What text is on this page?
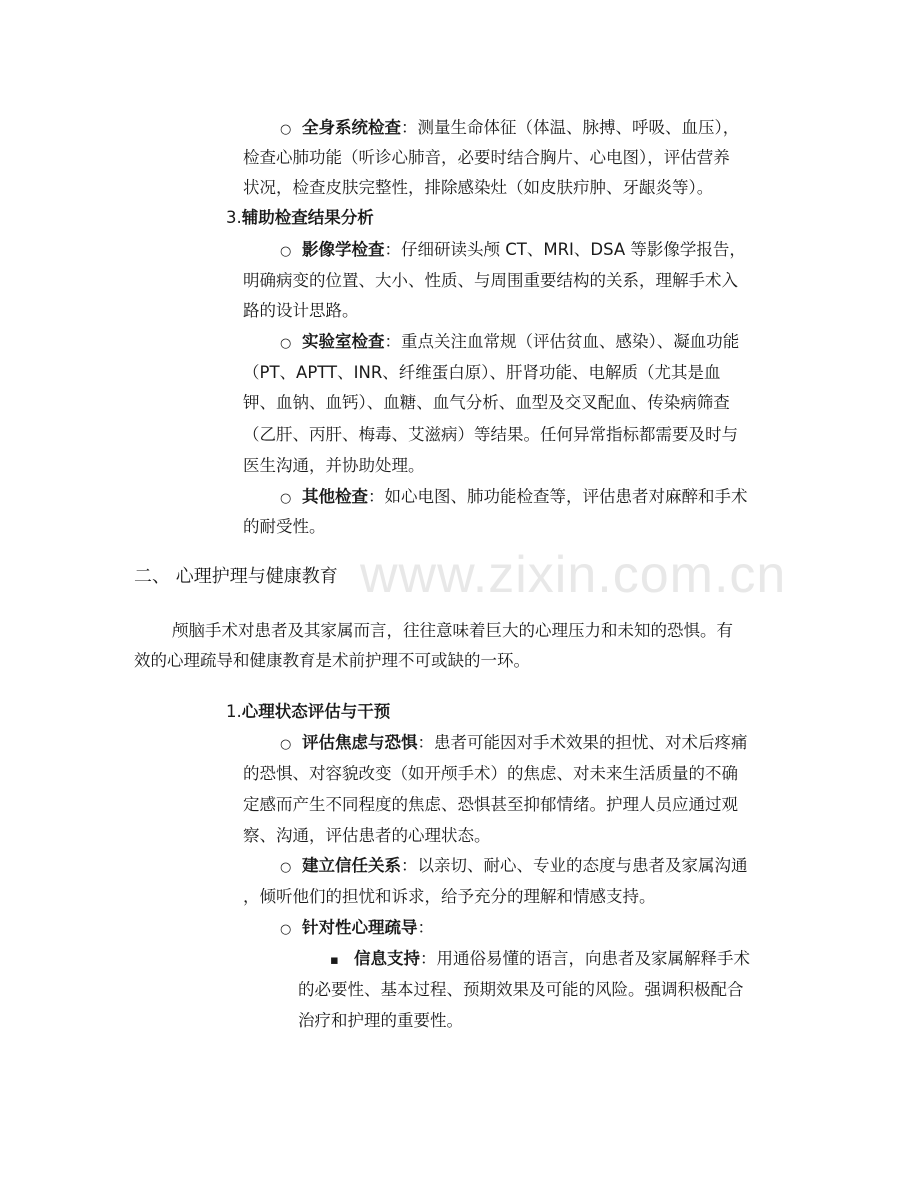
www.zixin.com.cn
○ 全身系统检查：测量生命体征（体温、脉搏、呼吸、血压），
检查心肺功能（听诊心肺音，必要时结合胸片、心电图），评估营养
状况，检查皮肤完整性，排除感染灶（如皮肤疖肿、牙龈炎等）。
3.辅助检查结果分析
○ 影像学检查：仔细研读头颅 CT、MRI、DSA 等影像学报告，
明确病变的位置、大小、性质、与周围重要结构的关系，理解手术入
路的设计思路。
○ 实验室检查：重点关注血常规（评估贫血、感染）、凝血功能
（PT、APTT、INR、纤维蛋白原）、肝肾功能、电解质（尤其是血
钾、血钠、血钙）、血糖、血气分析、血型及交叉配血、传染病筛查
（乙肝、丙肝、梅毒、艾滋病）等结果。任何异常指标都需要及时与
医生沟通，并协助处理。
○ 其他检查：如心电图、肺功能检查等，评估患者对麻醉和手术
的耐受性。
二、 心理护理与健康教育
颅脑手术对患者及其家属而言，往往意味着巨大的心理压力和未知的恐惧。有
效的心理疏导和健康教育是术前护理不可或缺的一环。
1.心理状态评估与干预
○ 评估焦虑与恐惧：患者可能因对手术效果的担忧、对术后疼痛
的恐惧、对容貌改变（如开颅手术）的焦虑、对未来生活质量的不确
定感而产生不同程度的焦虑、恐惧甚至抑郁情绪。护理人员应通过观
察、沟通，评估患者的心理状态。
○ 建立信任关系：以亲切、耐心、专业的态度与患者及家属沟通
，倾听他们的担忧和诉求，给予充分的理解和情感支持。
○ 针对性心理疏导：
▪ 信息支持：用通俗易懂的语言，向患者及家属解释手术
的必要性、基本过程、预期效果及可能的风险。强调积极配合
治疗和护理的重要性。
